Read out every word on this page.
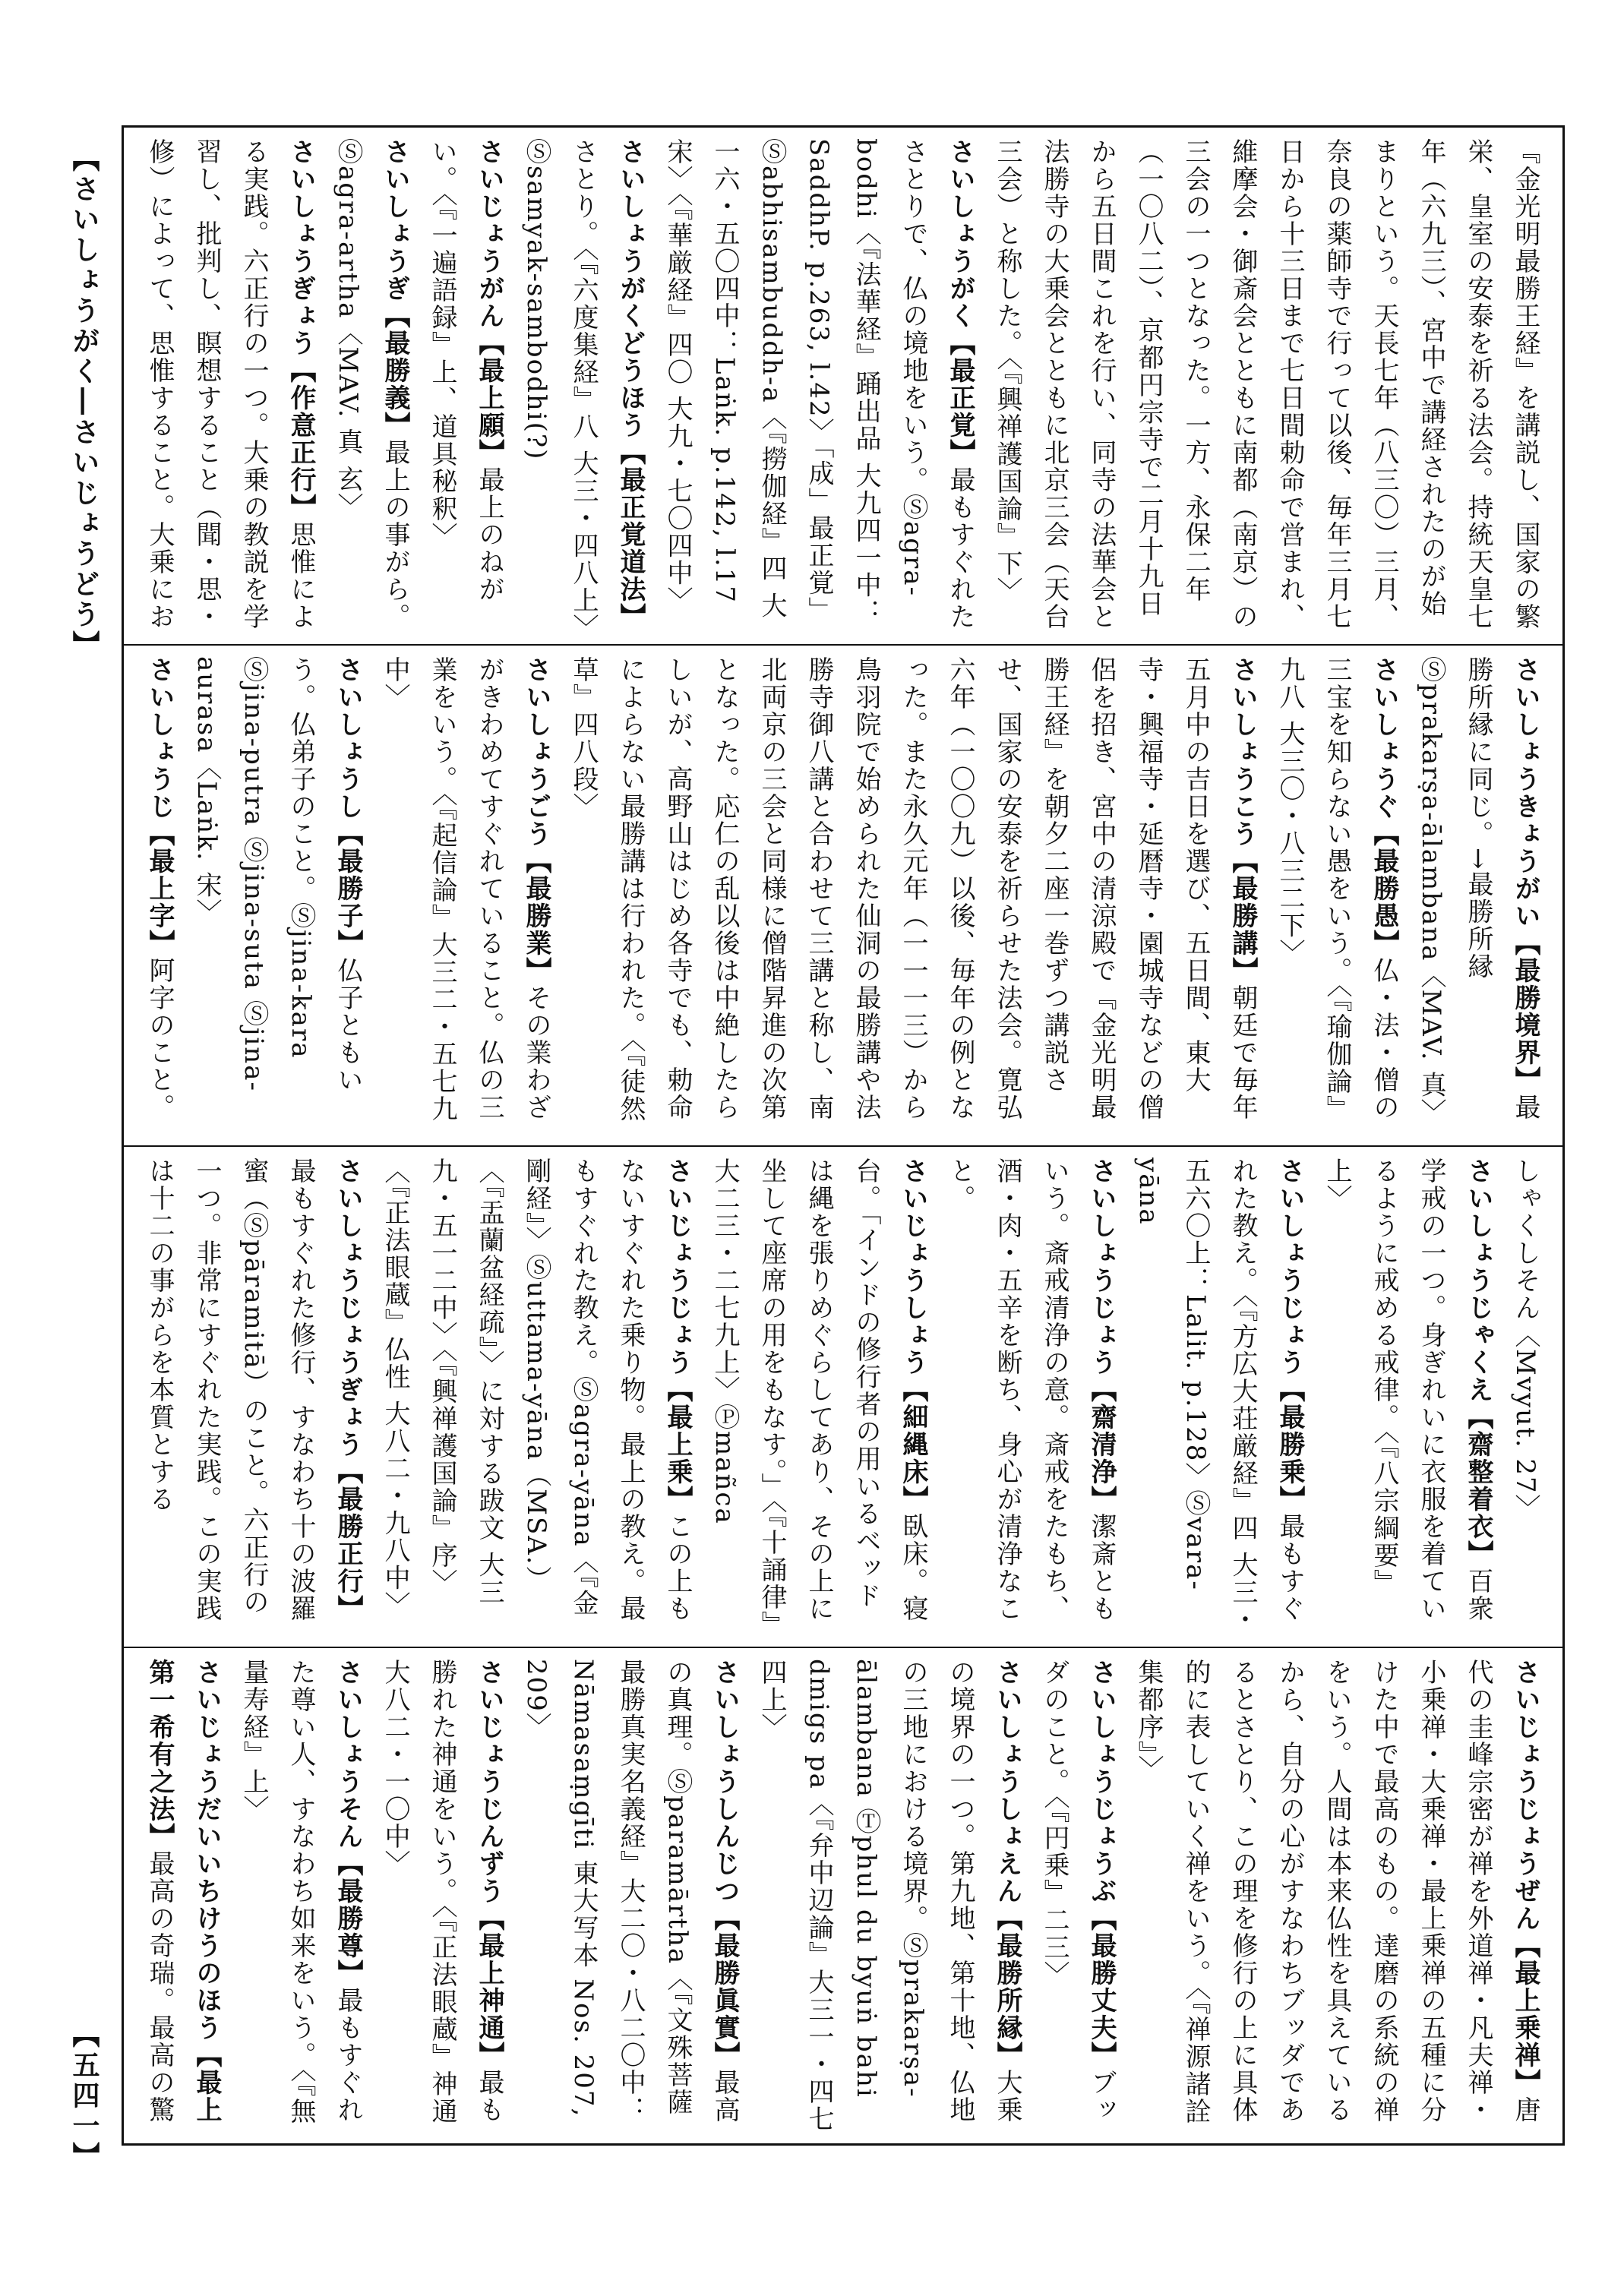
【さいしょうがく―さいじょうどう】	『金光明最勝王経』を講説し、国家の繁栄、皇室の安泰を祈る法会。持統天皇七年（六九三）、宮中で講経されたのが始まりという。天長七年（八三〇）三月、奈良の薬師寺で行って以後、毎年三月七日から十三日まで七日間勅命で営まれ、維摩会・御斎会とともに南都（南京）の三会の一つとなった。一方、永保二年（一〇八二）、京都円宗寺で二月十九日から五日間これを行い、同寺の法華会と法勝寺の大乗会とともに北京三会（天台三会）と称した。〈『興禅護国論』下〉
さいしょうがく【最正覚】最もすぐれたさとりで、仏の境地をいう。Ⓢagra-bodhi〈『法華経』踊出品 大九四一中：SaddhP. p.263, l.42〉「成」最正覚」Ⓢabhisambuddh-a〈『撈伽経』四 大一六・五〇四中：Laṅk. p.142, l.17 宋〉〈『華厳経』四〇 大九・七〇四中〉
さいしょうがくどうほう【最正覚道法】さとり。〈『六度集経』八 大三・四八上〉Ⓢsamyak-sambodhi(?)
さいじょうがん【最上願】最上のねがい。〈『一遍語録』上、道具秘釈〉
さいしょうぎ【最勝義】最上の事がら。Ⓢagra-artha〈MAV. 真 玄〉
さいしょうぎょう【作意正行】思惟による実践。六正行の一つ。大乗の教説を学習し、批判し、瞑想すること（聞・思・修）によって、思惟すること。大乗にお
さいしょうきょうがい【最勝境界】最勝所縁に同じ。→最勝所縁 Ⓢprakarṣa-ālambana〈MAV. 真〉
さいしょうぐ【最勝愚】仏・法・僧の三宝を知らない愚をいう。〈『瑜伽論』九八 大三〇・八三二下〉
さいしょうこう【最勝講】朝廷で毎年五月中の吉日を選び、五日間、東大寺・興福寺・延暦寺・園城寺などの僧侶を招き、宮中の清涼殿で『金光明最勝王経』を朝夕二座一巻ずつ講説させ、国家の安泰を祈らせた法会。寛弘六年（一〇〇九）以後、毎年の例となった。また永久元年（一一一三）から鳥羽院で始められた仙洞の最勝講や法勝寺御八講と合わせて三講と称し、南北両京の三会と同様に僧階昇進の次第となった。応仁の乱以後は中絶したらしいが、高野山はじめ各寺でも、勅命によらない最勝講は行われた。〈『徒然草』四八段〉
さいしょうごう【最勝業】その業わざがきわめてすぐれていること。仏の三業をいう。〈『起信論』大三二・五七九中〉
さいしょうし【最勝子】仏子ともいう。仏弟子のこと。Ⓢjina-kara Ⓢjina-putra Ⓢjina-suta Ⓢjina-aurasa〈Laṅk. 宋〉
さいしょうじ【最上字】阿字のこと。
しゃくしそん〈Mvyut. 27〉
さいしょうじゃくえ【齋整着衣】百衆学戒の一つ。身ぎれいに衣服を着ているように戒める戒律。〈『八宗綱要』上〉
さいしょうじょう【最勝乗】最もすぐれた教え。〈『方広大荘厳経』四 大三・五六〇上：Lalit. p.128〉Ⓢvara-yāna
さいしょうじょう【齋清浄】潔斎ともいう。斎戒清浄の意。斎戒をたもち、酒・肉・五辛を断ち、身心が清浄なこと。
さいじょうしょう【細縄床】臥床。寝台。「インドの修行者の用いるベッドは縄を張りめぐらしてあり、その上に坐して座席の用をもなす。」〈『十誦律』大二三・二七九上〉Ⓟmañca
さいじょうじょう【最上乗】この上もないすぐれた乗り物。最上の教え。最もすぐれた教え。Ⓢagra-yāna〈『金剛経』〉Ⓢuttama-yāna（MSA.）〈『盂蘭盆経疏』〉に対する跋文 大三九・五一二中〉〈『興禅護国論』序〉〈『正法眼蔵』仏性 大八二・九八中〉
さいしょうじょうぎょう【最勝正行】最もすぐれた修行、すなわち十の波羅蜜（Ⓢpāramitā）のこと。六正行の一つ。非常にすぐれた実践。この実践は十二の事がらを本質とする
さいじょうじょうぜん【最上乗禅】唐代の圭峰宗密が禅を外道禅・凡夫禅・小乗禅・大乗禅・最上乗禅の五種に分けた中で最高のもの。達磨の系統の禅をいう。人間は本来仏性を具えているから、自分の心がすなわちブッダであるとさとり、この理を修行の上に具体的に表していく禅をいう。〈『禅源諸詮集都序』〉
さいしょうじょうぶ【最勝丈夫】ブッダのこと。〈『円乗』二三〉
さいしょうしょえん【最勝所縁】大乗の境界の一つ。第九地、第十地、仏地の三地における境界。Ⓢprakarṣa-ālambana Ⓣphul du byuṅ bahi dmigs pa〈『弁中辺論』大三一・四七四上〉
さいしょうしんじつ【最勝眞實】最高の真理。Ⓢparamārtha〈『文殊菩薩最勝真実名義経』大二〇・八二〇中：Nāmasaṃgīti 東大写本 Nos. 207, 209〉
さいじょうじんずう【最上神通】最も勝れた神通をいう。〈『正法眼蔵』神通 大八二・一〇中〉
さいしょうそん【最勝尊】最もすぐれた尊い人、すなわち如来をいう。〈『無量寿経』上〉
さいじょうだいいちけうのほう【最上第一希有之法】最高の奇瑞。最高の驚
【五四一】
